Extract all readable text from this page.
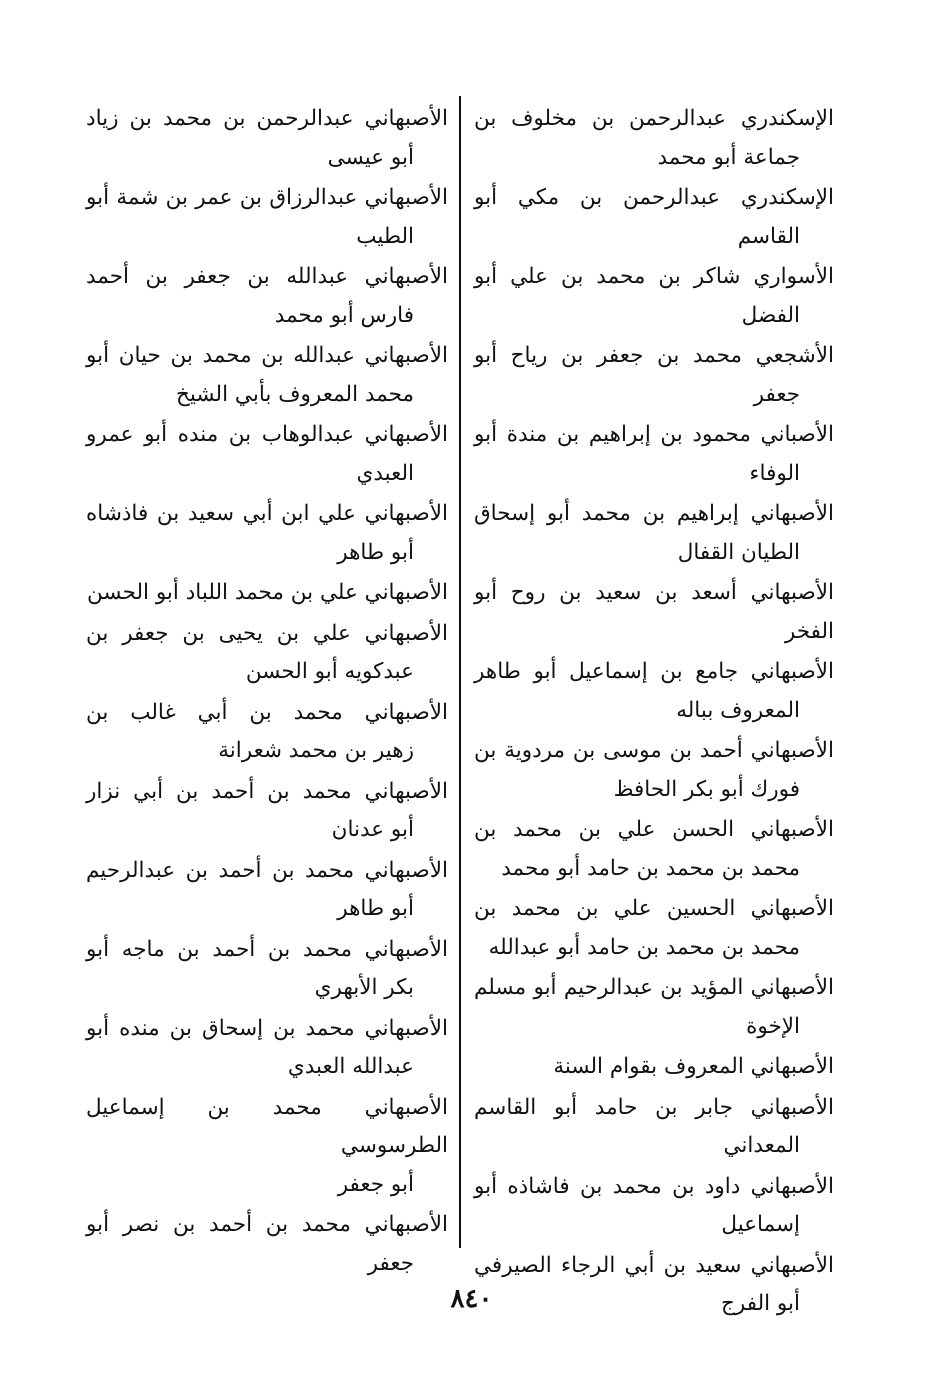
الإسكندري عبدالرحمن بن مخلوف بن
جماعة أبو محمد
الإسكندري عبدالرحمن بن مكي أبو
القاسم
الأسواري شاكر بن محمد بن علي أبو
الفضل
الأشجعي محمد بن جعفر بن رياح أبو
جعفر
الأصباني محمود بن إبراهيم بن مندة أبو
الوفاء
الأصبهاني إبراهيم بن محمد أبو إسحاق
الطيان القفال
الأصبهاني أسعد بن سعيد بن روح أبو الفخر
الأصبهاني جامع بن إسماعيل أبو طاهر
المعروف بباله
الأصبهاني أحمد بن موسى بن مردوية بن
فورك أبو بكر الحافظ
الأصبهاني الحسن علي بن محمد بن
محمد بن محمد بن حامد أبو محمد
الأصبهاني الحسين علي بن محمد بن
محمد بن محمد بن حامد أبو عبدالله
الأصبهاني المؤيد بن عبدالرحيم أبو مسلم
الإخوة
الأصبهاني المعروف بقوام السنة
الأصبهاني جابر بن حامد أبو القاسم
المعداني
الأصبهاني داود بن محمد بن فاشاذه أبو
إسماعيل
الأصبهاني سعيد بن أبي الرجاء الصيرفي
أبو الفرج
الأصبهاني عبدالرحمن بن محمد بن زياد
أبو عيسى
الأصبهاني عبدالرزاق بن عمر بن شمة أبو
الطيب
الأصبهاني عبدالله بن جعفر بن أحمد
فارس أبو محمد
الأصبهاني عبدالله بن محمد بن حيان أبو
محمد المعروف بأبي الشيخ
الأصبهاني عبدالوهاب بن منده أبو عمرو
العبدي
الأصبهاني علي ابن أبي سعيد بن فاذشاه
أبو طاهر
الأصبهاني علي بن محمد اللباد أبو الحسن
الأصبهاني علي بن يحيى بن جعفر بن
عبدكويه أبو الحسن
الأصبهاني محمد بن أبي غالب بن
زهير بن محمد شعرانة
الأصبهاني محمد بن أحمد بن أبي نزار
أبو عدنان
الأصبهاني محمد بن أحمد بن عبدالرحيم
أبو طاهر
الأصبهاني محمد بن أحمد بن ماجه أبو
بكر الأبهري
الأصبهاني محمد بن إسحاق بن منده أبو
عبدالله العبدي
الأصبهاني محمد بن إسماعيل الطرسوسي
أبو جعفر
الأصبهاني محمد بن أحمد بن نصر أبو
جعفر
٨٤٠
